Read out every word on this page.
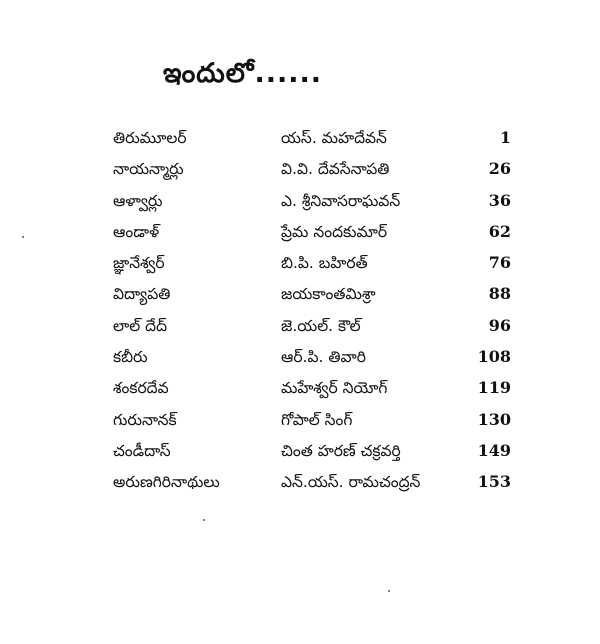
ఇందులో......
తిరుమూలర్	యస్. మహదేవన్	1
నాయన్మార్లు	వి.వి. దేవసేనాపతి	26
ఆళ్వార్లు	ఎ. శ్రీనివాసరాఘవన్	36
ఆండాళ్	ప్రేమ నందకుమార్	62
జ్ఞానేశ్వర్	బి.పి. బహిరత్	76
విద్యాపతి	జయకాంతమిశ్రా	88
లాల్ దేద్	జె.యల్. కౌల్	96
కబీరు	ఆర్.పి. తివారి	108
శంకరదేవ	మహేశ్వర్ నియోగ్	119
గురునానక్	గోపాల్ సింగ్	130
చండీదాస్	చింత హరణ్ చక్రవర్తి	149
అరుణగిరినాథులు	ఎన్.యస్. రామచంద్రన్	153
